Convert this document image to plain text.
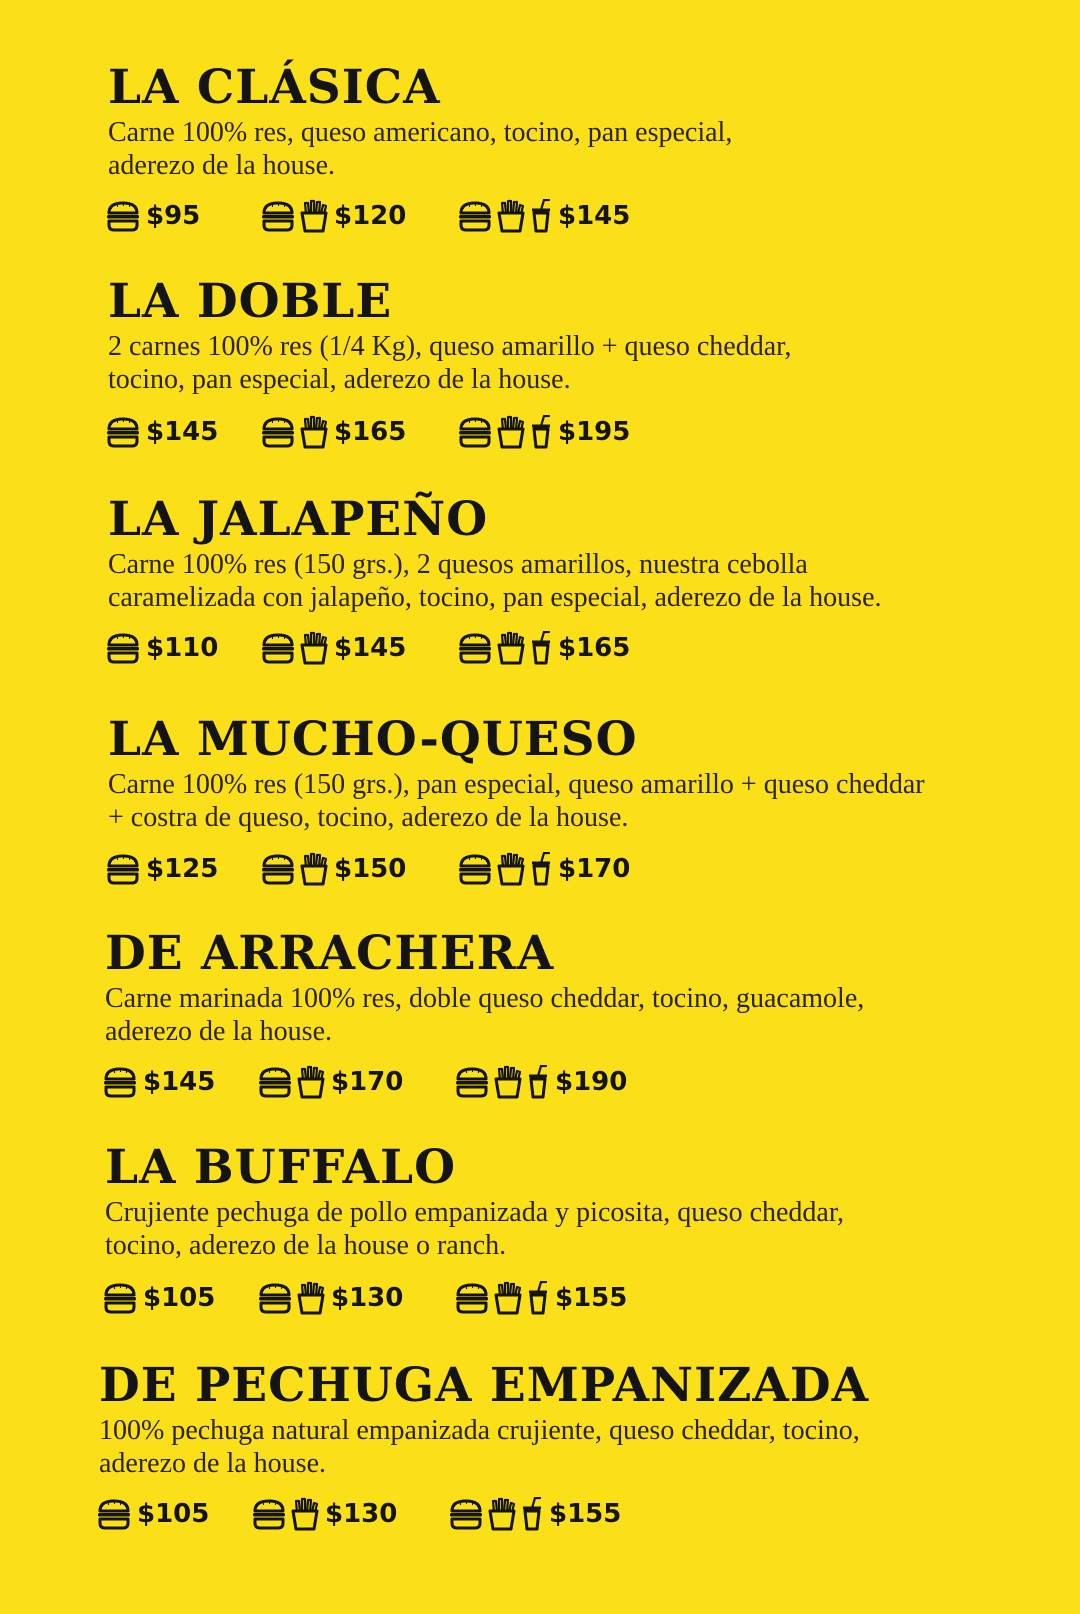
LA CLÁSICA

Carne 100% res, queso americano, tocino, pan especial,
aderezo de la house.

$95	$120	$145
LA DOBLE

2 carnes 100% res (1/4 Kg), queso amarillo + queso cheddar,
tocino, pan especial, aderezo de la house.

$145	$165	$195
LA JALAPEÑO

Carne 100% res (150 grs.), 2 quesos amarillos, nuestra cebolla
caramelizada con jalapeño, tocino, pan especial, aderezo de la house.

$110	$145	$165
LA MUCHO-QUESO

Carne 100% res (150 grs.), pan especial, queso amarillo + queso cheddar
+ costra de queso, tocino, aderezo de la house.

$125	$150	$170
DE ARRACHERA

Carne marinada 100% res, doble queso cheddar, tocino, guacamole,
aderezo de la house.

$145	$170	$190
LA BUFFALO

Crujiente pechuga de pollo empanizada y picosita, queso cheddar,
tocino, aderezo de la house o ranch.

$105	$130	$155
DE PECHUGA EMPANIZADA

100% pechuga natural empanizada crujiente, queso cheddar, tocino,
aderezo de la house.

$105	$130	$155
